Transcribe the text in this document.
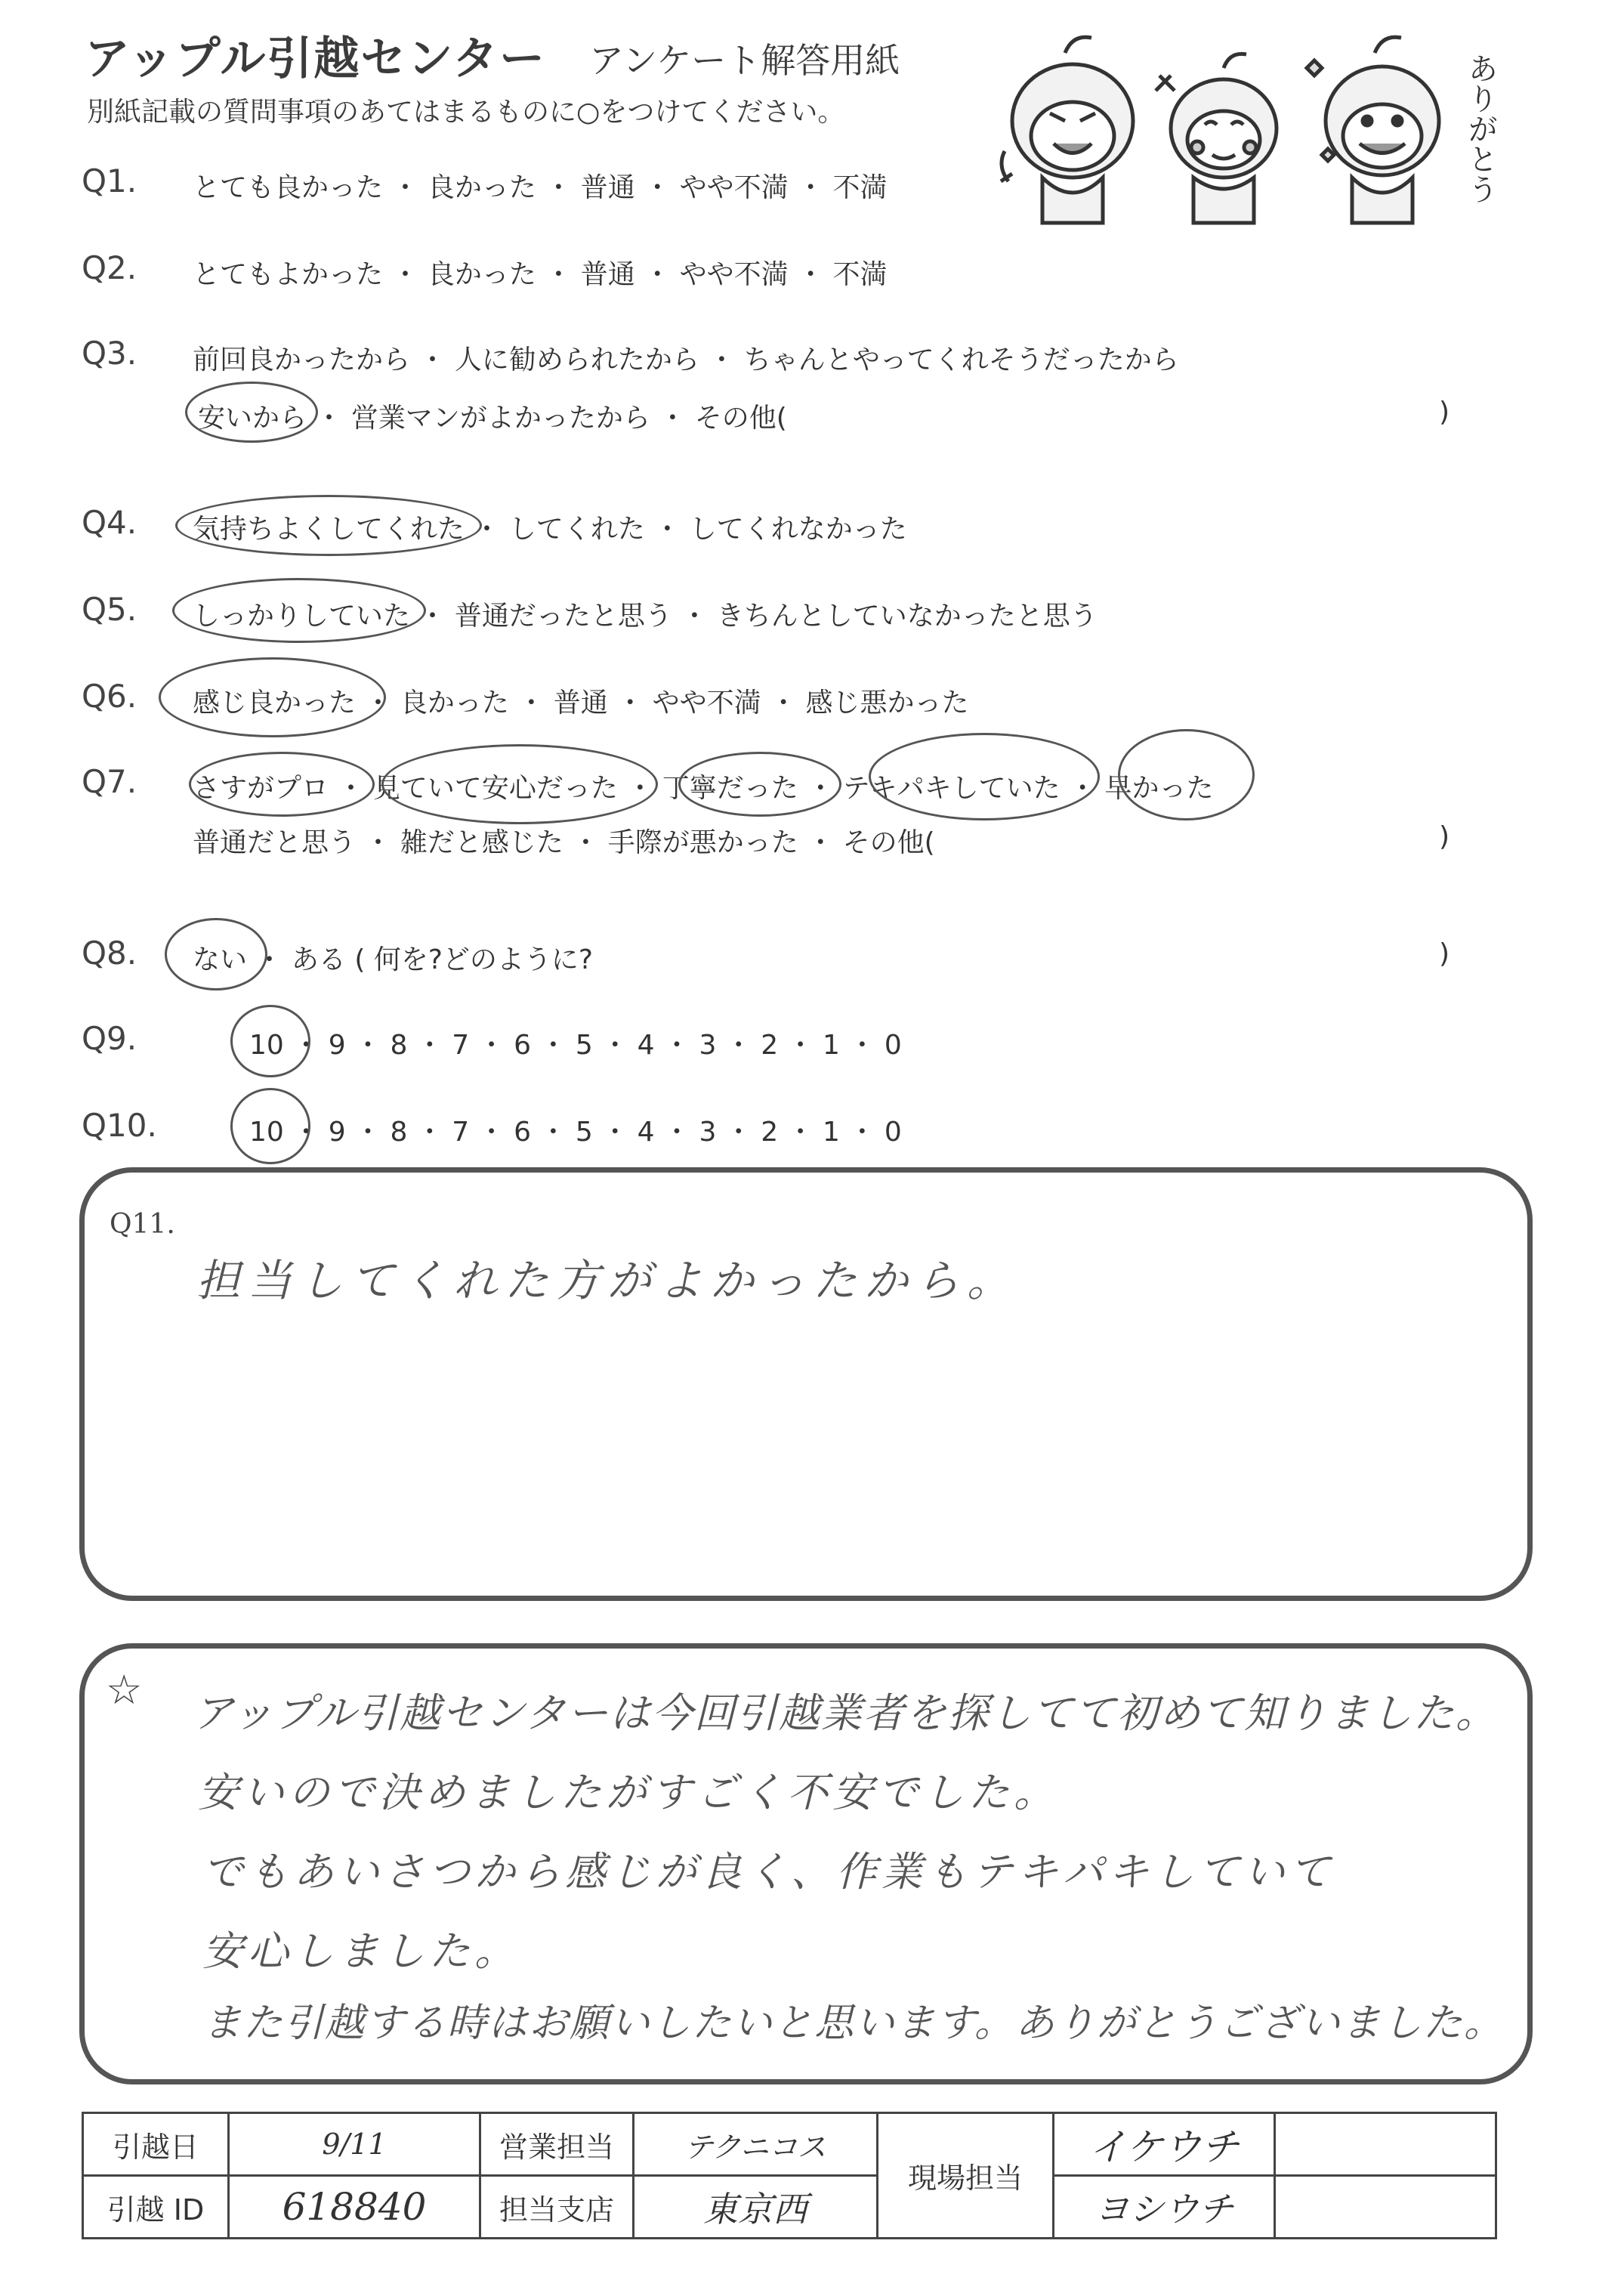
アップル引越センター アンケート解答用紙
別紙記載の質問事項のあてはまるものに○をつけてください。	ありがとう
Q1. とても良かった ・ 良かった ・ 普通 ・ やや不満 ・ 不満
Q2. とてもよかった ・ 良かった ・ 普通 ・ やや不満 ・ 不満
Q3. 前回良かったから ・ 人に勧められたから ・ ちゃんとやってくれそうだったから
安いから ・ 営業マンがよかったから ・ その他(	)
Q4. 気持ちよくしてくれた ・ してくれた ・ してくれなかった
Q5. しっかりしていた ・ 普通だったと思う ・ きちんとしていなかったと思う
Q6. 感じ良かった ・ 良かった ・ 普通 ・ やや不満 ・ 感じ悪かった
Q7. さすがプロ ・ 見ていて安心だった ・ 丁寧だった ・ テキパキしていた ・ 早かった
普通だと思う ・ 雑だと感じた ・ 手際が悪かった ・ その他(	)
Q8. ない ・ ある ( 何を?どのように?	)
Q9.	10 ・ 9 ・ 8 ・ 7 ・ 6 ・ 5 ・ 4 ・ 3 ・ 2 ・ 1 ・ 0
Q10.	10 ・ 9 ・ 8 ・ 7 ・ 6 ・ 5 ・ 4 ・ 3 ・ 2 ・ 1 ・ 0
Q11.
担当してくれた方がよかったから。
☆ アップル引越センターは今回引越業者を探してて初めて知りました。
安いので決めましたがすごく不安でした。
でもあいさつから感じが良く、作業もテキパキしていて
安心しました。
また引越する時はお願いしたいと思います。ありがとうございました。
引越日	9/11	営業担当	テクニコス	現場担当	イケウチ	
引越 ID	618840	担当支店	東京西		ヨシウチ	
